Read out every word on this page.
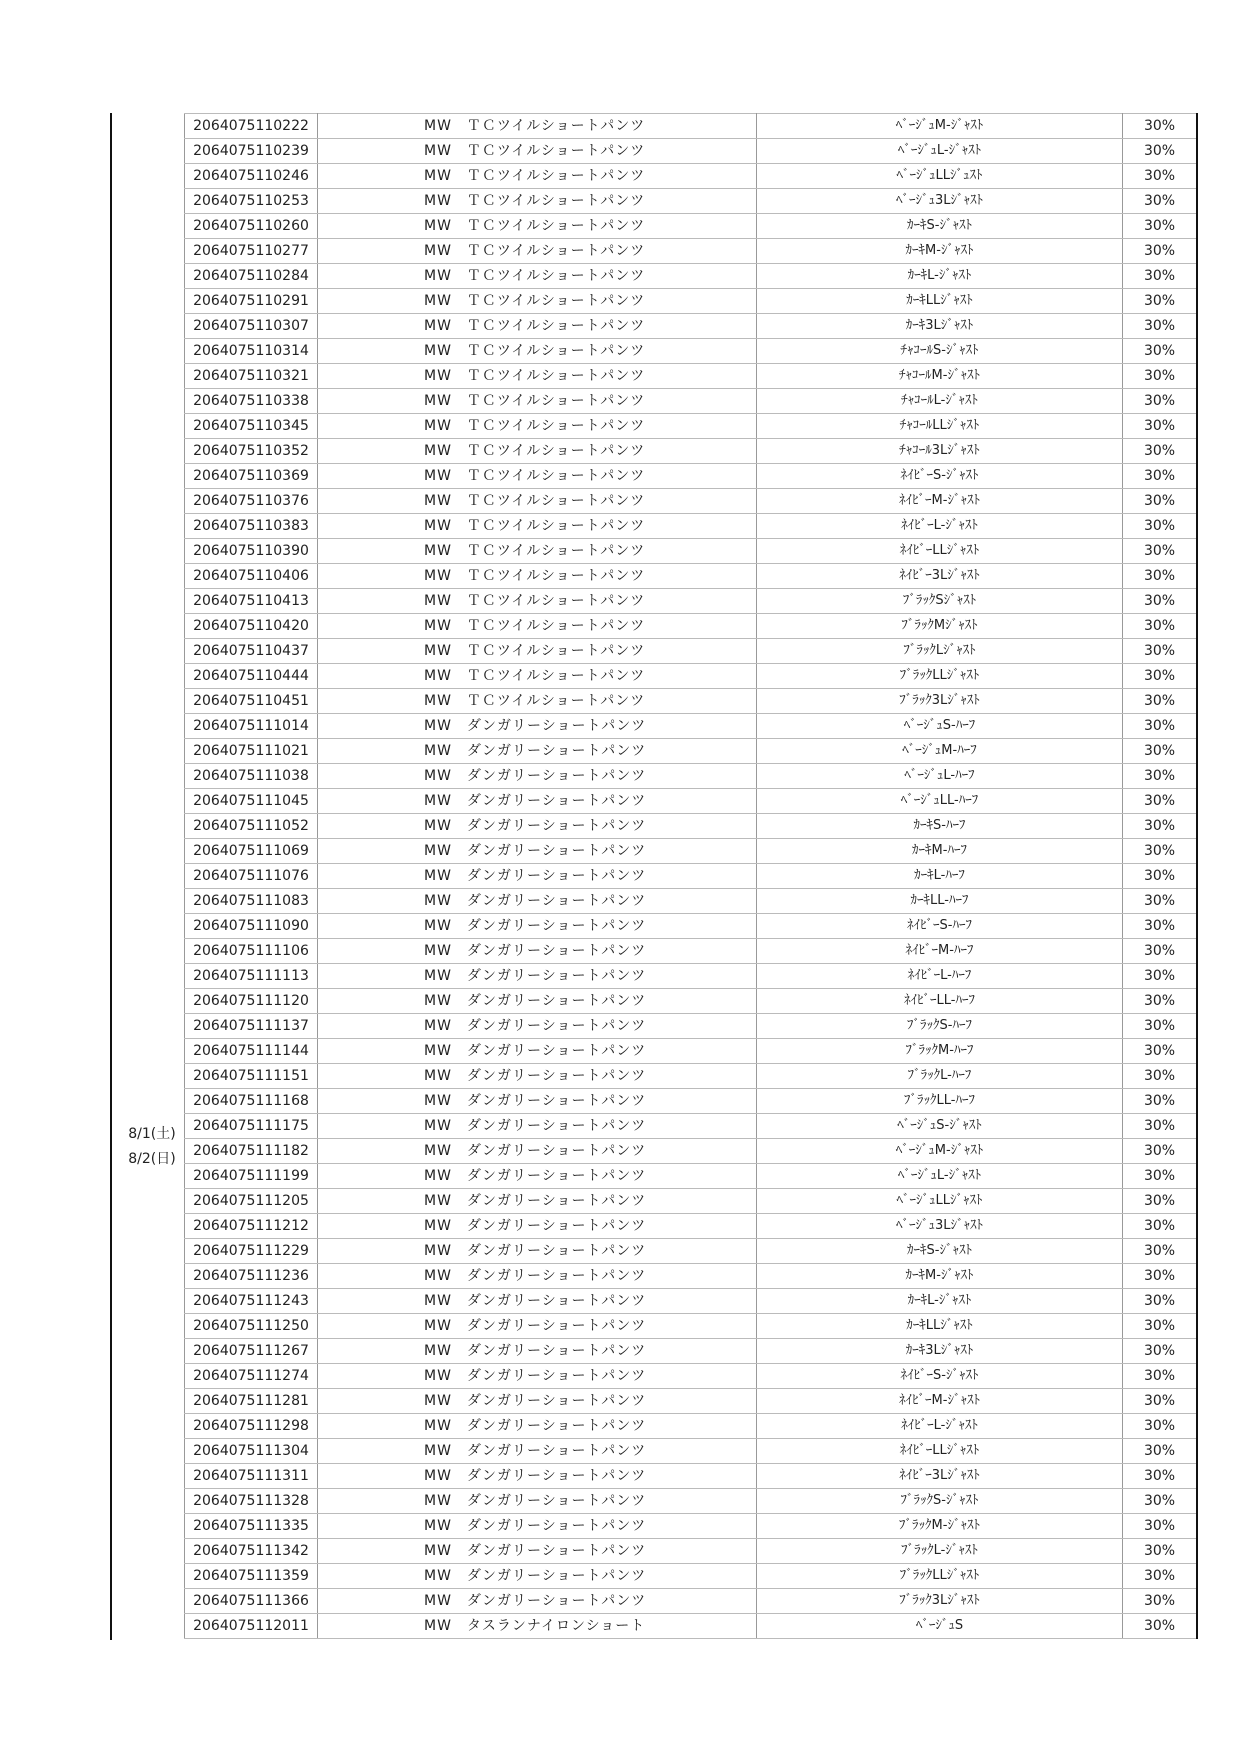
8/1(土)
8/2(日)
2064075110222	MW　ＴＣツイルショートパンツ	ﾍﾞｰｼﾞｭM-ｼﾞｬｽﾄ	30%
2064075110239	MW　ＴＣツイルショートパンツ	ﾍﾞｰｼﾞｭL-ｼﾞｬｽﾄ	30%
2064075110246	MW　ＴＣツイルショートパンツ	ﾍﾞｰｼﾞｭLLｼﾞｭｽﾄ	30%
2064075110253	MW　ＴＣツイルショートパンツ	ﾍﾞｰｼﾞｭ3Lｼﾞｬｽﾄ	30%
2064075110260	MW　ＴＣツイルショートパンツ	ｶｰｷS-ｼﾞｬｽﾄ	30%
2064075110277	MW　ＴＣツイルショートパンツ	ｶｰｷM-ｼﾞｬｽﾄ	30%
2064075110284	MW　ＴＣツイルショートパンツ	ｶｰｷL-ｼﾞｬｽﾄ	30%
2064075110291	MW　ＴＣツイルショートパンツ	ｶｰｷLLｼﾞｬｽﾄ	30%
2064075110307	MW　ＴＣツイルショートパンツ	ｶｰｷ3Lｼﾞｬｽﾄ	30%
2064075110314	MW　ＴＣツイルショートパンツ	ﾁｬｺｰﾙS-ｼﾞｬｽﾄ	30%
2064075110321	MW　ＴＣツイルショートパンツ	ﾁｬｺｰﾙM-ｼﾞｬｽﾄ	30%
2064075110338	MW　ＴＣツイルショートパンツ	ﾁｬｺｰﾙL-ｼﾞｬｽﾄ	30%
2064075110345	MW　ＴＣツイルショートパンツ	ﾁｬｺｰﾙLLｼﾞｬｽﾄ	30%
2064075110352	MW　ＴＣツイルショートパンツ	ﾁｬｺｰﾙ3Lｼﾞｬｽﾄ	30%
2064075110369	MW　ＴＣツイルショートパンツ	ﾈｲﾋﾞｰS-ｼﾞｬｽﾄ	30%
2064075110376	MW　ＴＣツイルショートパンツ	ﾈｲﾋﾞｰM-ｼﾞｬｽﾄ	30%
2064075110383	MW　ＴＣツイルショートパンツ	ﾈｲﾋﾞｰL-ｼﾞｬｽﾄ	30%
2064075110390	MW　ＴＣツイルショートパンツ	ﾈｲﾋﾞｰLLｼﾞｬｽﾄ	30%
2064075110406	MW　ＴＣツイルショートパンツ	ﾈｲﾋﾞｰ3Lｼﾞｬｽﾄ	30%
2064075110413	MW　ＴＣツイルショートパンツ	ﾌﾞﾗｯｸSｼﾞｬｽﾄ	30%
2064075110420	MW　ＴＣツイルショートパンツ	ﾌﾞﾗｯｸMｼﾞｬｽﾄ	30%
2064075110437	MW　ＴＣツイルショートパンツ	ﾌﾞﾗｯｸLｼﾞｬｽﾄ	30%
2064075110444	MW　ＴＣツイルショートパンツ	ﾌﾞﾗｯｸLLｼﾞｬｽﾄ	30%
2064075110451	MW　ＴＣツイルショートパンツ	ﾌﾞﾗｯｸ3Lｼﾞｬｽﾄ	30%
2064075111014	MW　ダンガリーショートパンツ	ﾍﾞｰｼﾞｭS-ﾊｰﾌ	30%
2064075111021	MW　ダンガリーショートパンツ	ﾍﾞｰｼﾞｭM-ﾊｰﾌ	30%
2064075111038	MW　ダンガリーショートパンツ	ﾍﾞｰｼﾞｭL-ﾊｰﾌ	30%
2064075111045	MW　ダンガリーショートパンツ	ﾍﾞｰｼﾞｭLL-ﾊｰﾌ	30%
2064075111052	MW　ダンガリーショートパンツ	ｶｰｷS-ﾊｰﾌ	30%
2064075111069	MW　ダンガリーショートパンツ	ｶｰｷM-ﾊｰﾌ	30%
2064075111076	MW　ダンガリーショートパンツ	ｶｰｷL-ﾊｰﾌ	30%
2064075111083	MW　ダンガリーショートパンツ	ｶｰｷLL-ﾊｰﾌ	30%
2064075111090	MW　ダンガリーショートパンツ	ﾈｲﾋﾞｰS-ﾊｰﾌ	30%
2064075111106	MW　ダンガリーショートパンツ	ﾈｲﾋﾞｰM-ﾊｰﾌ	30%
2064075111113	MW　ダンガリーショートパンツ	ﾈｲﾋﾞｰL-ﾊｰﾌ	30%
2064075111120	MW　ダンガリーショートパンツ	ﾈｲﾋﾞｰLL-ﾊｰﾌ	30%
2064075111137	MW　ダンガリーショートパンツ	ﾌﾞﾗｯｸS-ﾊｰﾌ	30%
2064075111144	MW　ダンガリーショートパンツ	ﾌﾞﾗｯｸM-ﾊｰﾌ	30%
2064075111151	MW　ダンガリーショートパンツ	ﾌﾞﾗｯｸL-ﾊｰﾌ	30%
2064075111168	MW　ダンガリーショートパンツ	ﾌﾞﾗｯｸLL-ﾊｰﾌ	30%
2064075111175	MW　ダンガリーショートパンツ	ﾍﾞｰｼﾞｭS-ｼﾞｬｽﾄ	30%
2064075111182	MW　ダンガリーショートパンツ	ﾍﾞｰｼﾞｭM-ｼﾞｬｽﾄ	30%
2064075111199	MW　ダンガリーショートパンツ	ﾍﾞｰｼﾞｭL-ｼﾞｬｽﾄ	30%
2064075111205	MW　ダンガリーショートパンツ	ﾍﾞｰｼﾞｭLLｼﾞｬｽﾄ	30%
2064075111212	MW　ダンガリーショートパンツ	ﾍﾞｰｼﾞｭ3Lｼﾞｬｽﾄ	30%
2064075111229	MW　ダンガリーショートパンツ	ｶｰｷS-ｼﾞｬｽﾄ	30%
2064075111236	MW　ダンガリーショートパンツ	ｶｰｷM-ｼﾞｬｽﾄ	30%
2064075111243	MW　ダンガリーショートパンツ	ｶｰｷL-ｼﾞｬｽﾄ	30%
2064075111250	MW　ダンガリーショートパンツ	ｶｰｷLLｼﾞｬｽﾄ	30%
2064075111267	MW　ダンガリーショートパンツ	ｶｰｷ3Lｼﾞｬｽﾄ	30%
2064075111274	MW　ダンガリーショートパンツ	ﾈｲﾋﾞｰS-ｼﾞｬｽﾄ	30%
2064075111281	MW　ダンガリーショートパンツ	ﾈｲﾋﾞｰM-ｼﾞｬｽﾄ	30%
2064075111298	MW　ダンガリーショートパンツ	ﾈｲﾋﾞｰL-ｼﾞｬｽﾄ	30%
2064075111304	MW　ダンガリーショートパンツ	ﾈｲﾋﾞｰLLｼﾞｬｽﾄ	30%
2064075111311	MW　ダンガリーショートパンツ	ﾈｲﾋﾞｰ3Lｼﾞｬｽﾄ	30%
2064075111328	MW　ダンガリーショートパンツ	ﾌﾞﾗｯｸS-ｼﾞｬｽﾄ	30%
2064075111335	MW　ダンガリーショートパンツ	ﾌﾞﾗｯｸM-ｼﾞｬｽﾄ	30%
2064075111342	MW　ダンガリーショートパンツ	ﾌﾞﾗｯｸL-ｼﾞｬｽﾄ	30%
2064075111359	MW　ダンガリーショートパンツ	ﾌﾞﾗｯｸLLｼﾞｬｽﾄ	30%
2064075111366	MW　ダンガリーショートパンツ	ﾌﾞﾗｯｸ3Lｼﾞｬｽﾄ	30%
2064075112011	MW　タスランナイロンショート	ﾍﾞｰｼﾞｭS	30%
